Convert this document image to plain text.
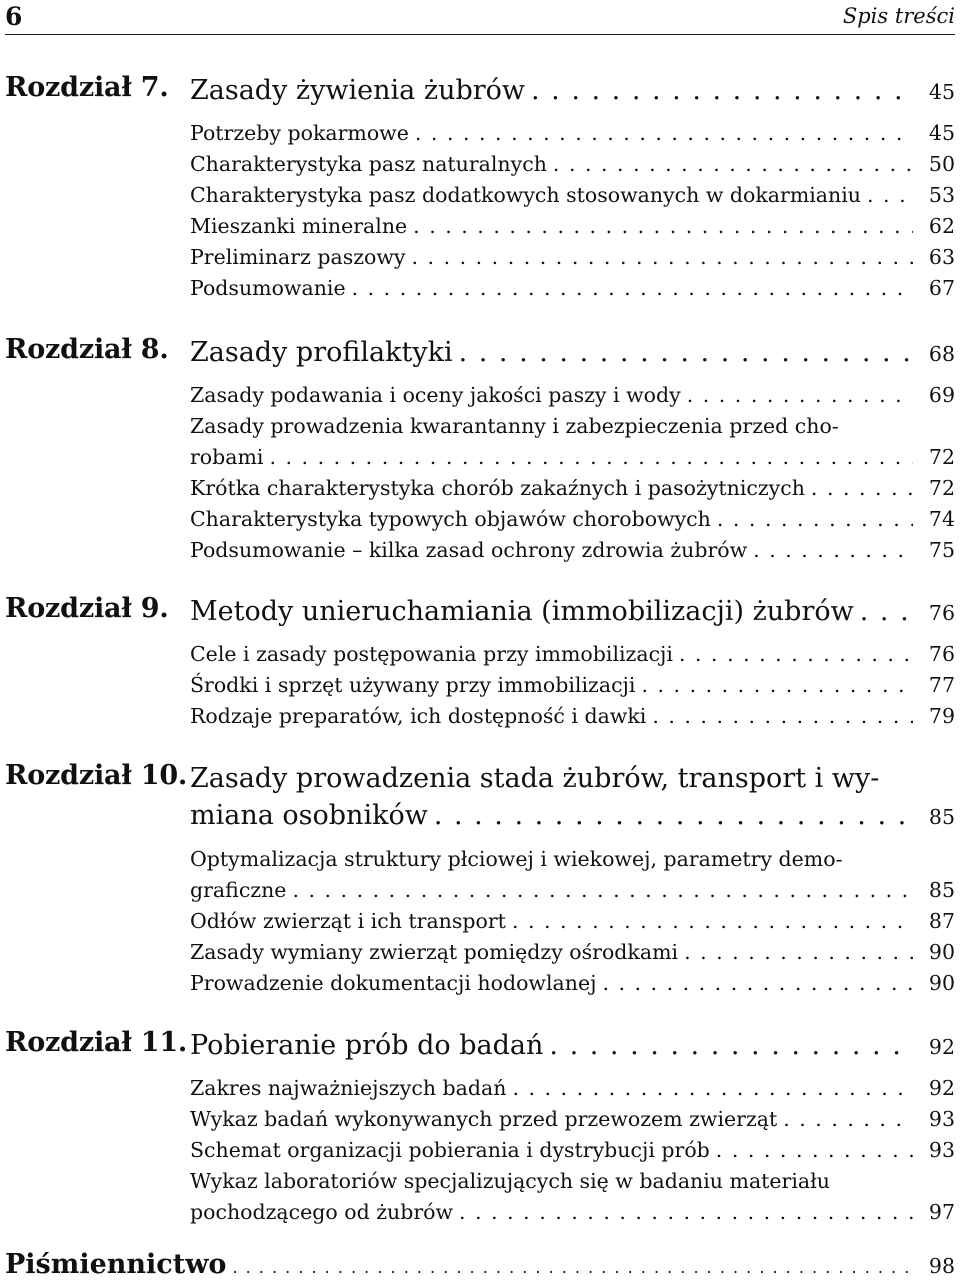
6	Spis treści
Rozdział 7. Zasady żywienia żubrów . . .	45
Potrzeby pokarmowe . . .	45
Charakterystyka pasz naturalnych . . .	50
Charakterystyka pasz dodatkowych stosowanych w dokarmianiu . . .	53
Mieszanki mineralne . . .	62
Preliminarz paszowy . . .	63
Podsumowanie . . .	67
Rozdział 8. Zasady profilaktyki . . .	68
Zasady podawania i oceny jakości paszy i wody . . .	69
Zasady prowadzenia kwarantanny i zabezpieczenia przed cho-
robami . . .	72
Krótka charakterystyka chorób zakaźnych i pasożytniczych . . .	72
Charakterystyka typowych objawów chorobowych . . .	74
Podsumowanie – kilka zasad ochrony zdrowia żubrów . . .	75
Rozdział 9. Metody unieruchamiania (immobilizacji) żubrów . . .	76
Cele i zasady postępowania przy immobilizacji . . .	76
Środki i sprzęt używany przy immobilizacji . . .	77
Rodzaje preparatów, ich dostępność i dawki . . .	79
Rozdział 10. Zasady prowadzenia stada żubrów, transport i wy-
miana osobników . . .	85
Optymalizacja struktury płciowej i wiekowej, parametry demo-
graficzne . . .	85
Odłów zwierząt i ich transport . . .	87
Zasady wymiany zwierząt pomiędzy ośrodkami . . .	90
Prowadzenie dokumentacji hodowlanej . . .	90
Rozdział 11. Pobieranie prób do badań . . .	92
Zakres najważniejszych badań . . .	92
Wykaz badań wykonywanych przed przewozem zwierząt . . .	93
Schemat organizacji pobierania i dystrybucji prób . . .	93
Wykaz laboratoriów specjalizujących się w badaniu materiału
pochodzącego od żubrów . . .	97
Piśmiennictwo . . .	98
